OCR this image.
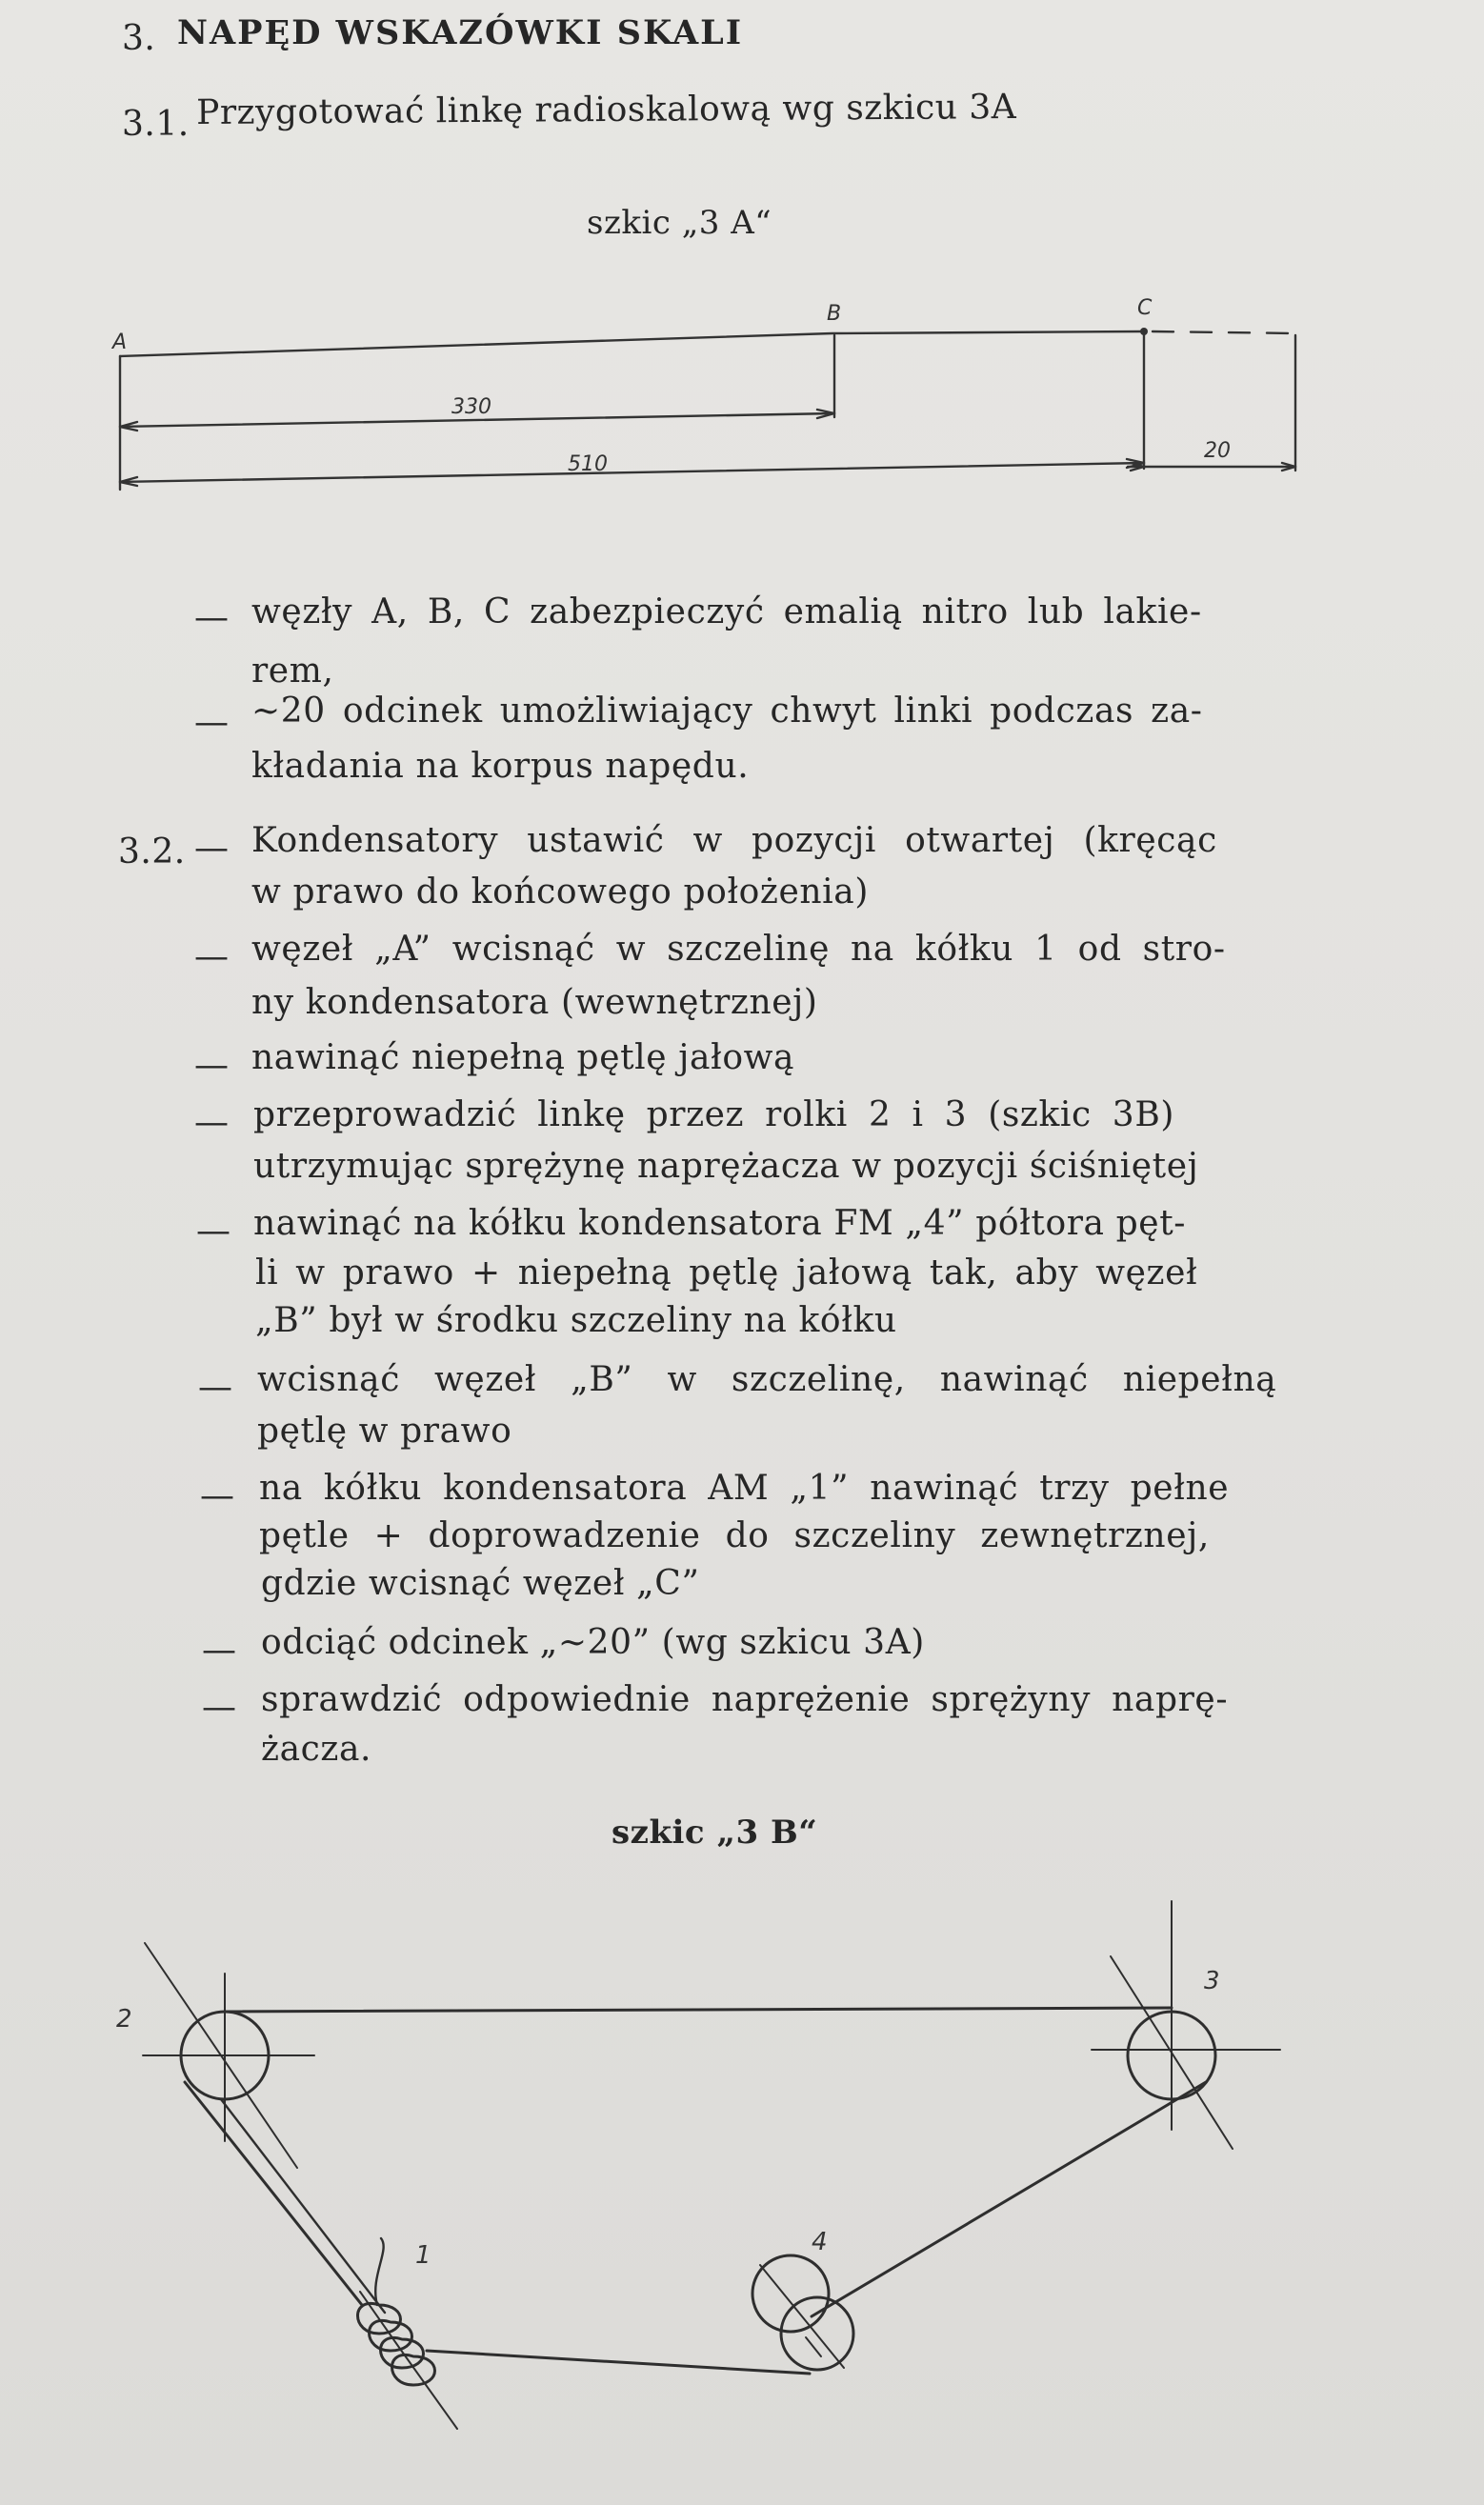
3. NAPĘD WSKAZÓWKI SKALI
3.1. Przygotować linkę radioskalową wg szkicu 3A
szkic „3 A“
A
B	C
330
510
20
— węzły A, B, C zabezpieczyć emalią nitro lub lakie-
rem,
— ∼20 odcinek umożliwiający chwyt linki podczas za-
kładania na korpus napędu.
3.2. — Kondensatory ustawić w pozycji otwartej (kręcąc
w prawo do końcowego położenia)
— węzeł „A” wcisnąć w szczelinę na kółku 1 od stro-
ny kondensatora (wewnętrznej)
— nawinąć niepełną pętlę jałową
— przeprowadzić linkę przez rolki 2 i 3 (szkic 3B)
utrzymując sprężynę naprężacza w pozycji ściśniętej
— nawinąć na kółku kondensatora FM „4” półtora pęt-
li w prawo + niepełną pętlę jałową tak, aby węzeł
„B” był w środku szczeliny na kółku
— wcisnąć węzeł „B” w szczelinę, nawinąć niepełną
pętlę w prawo
— na kółku kondensatora AM „1” nawinąć trzy pełne
pętle + doprowadzenie do szczeliny zewnętrznej,
gdzie wcisnąć węzeł „C”
— odciąć odcinek „∼20” (wg szkicu 3A)
— sprawdzić odpowiednie naprężenie sprężyny naprę-
żacza.
szkic „3 B“
1
2
3
4
